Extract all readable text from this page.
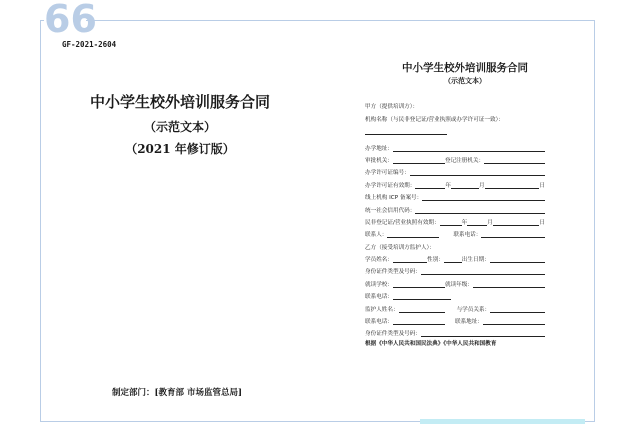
66
GF-2021-2604
中小学生校外培训服务合同
（示范文本）
（2021 年修订版）
制定部门：[教育部 市场监管总局]
中小学生校外培训服务合同
（示范文本）
甲方（提供培训方）：
机构名称（与民非登记证/营业执照或办学许可证一致）：
办学地址：
审批机关：	登记注册机关：
办学许可证编号：
办学许可证有效期：	年	月	日
线上机构 ICP 备案号：
统一社会信用代码：
民非登记证/营业执照有效期：	年	月	日
联系人：	联系电话：
乙方（接受培训方监护人）：
学员姓名：	性别：	出生日期：
身份证件类型及号码：
就读学校：	就读年级：
联系电话：
监护人姓名：	与学员关系：
联系电话：	联系地址：
身份证件类型及号码：
根据《中华人民共和国民法典》《中华人民共和国教育
